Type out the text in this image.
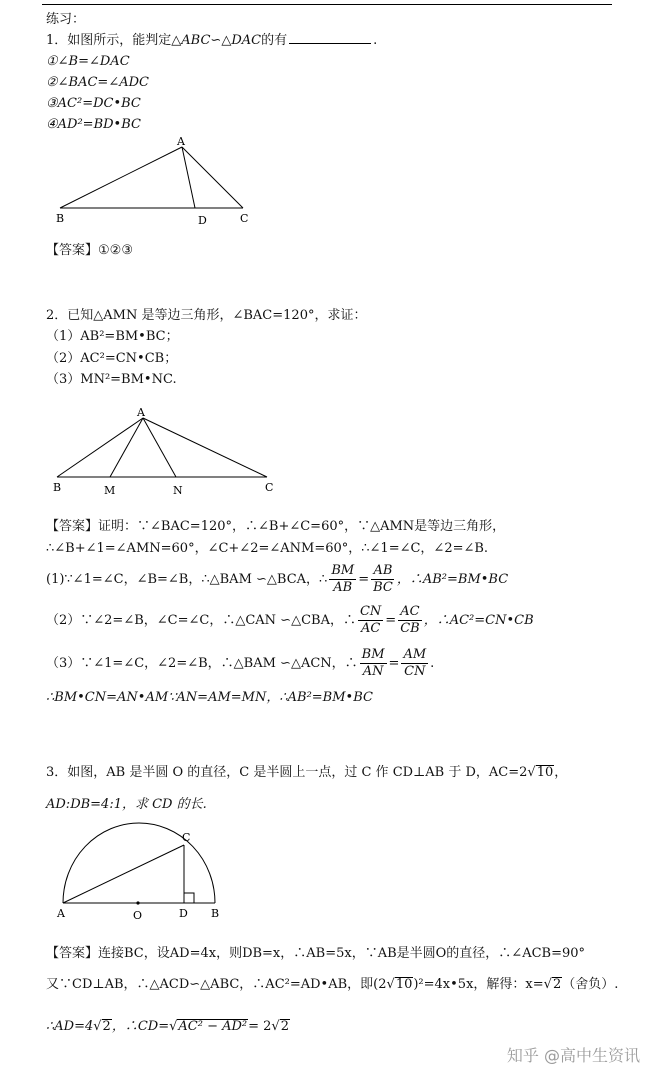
练习：
1．如图所示，能判定△ABC∽△DAC的有	.
①∠B=∠DAC
②∠BAC=∠ADC
③AC²=DC•BC
④AD²=BD•BC
A
B	D	C
【答案】①②③
2．已知△AMN 是等边三角形，∠BAC=120°，求证：
（1）AB²=BM•BC；
（2）AC²=CN•CB；
（3）MN²=BM•NC.
A
B	M	N	C
【答案】证明：∵∠BAC=120°，∴∠B+∠C=60°，∵△AMN是等边三角形，
∴∠B+∠1=∠AMN=60°，∠C+∠2=∠ANM=60°，∴∠1=∠C，∠2=∠B.
(1)∵∠1=∠C，∠B=∠B，∴△BAM ∽△BCA，∴ $\frac{BM}{AB} = \frac{AB}{BC}$ ，∴AB²=BM•BC
（2）∵∠2=∠B，∠C=∠C，∴△CAN ∽△CBA，∴ $\frac{CN}{AC} = \frac{AC}{CB}$ ，∴AC²=CN•CB
（3）∵∠1=∠C，∠2=∠B，∴△BAM ∽△ACN，∴ $\frac{BM}{AN} = \frac{AM}{CN}$ .
∴BM•CN=AN•AM∵AN=AM=MN，∴AB²=BM•BC
3．如图，AB 是半圆 O 的直径，C 是半圆上一点，过 C 作 CD⊥AB 于 D，AC=2√10，
AD:DB=4:1，求 CD 的长.
C
A	O	D B
【答案】连接BC，设AD=4x，则DB=x，∴AB=5x，∵AB是半圆O的直径，∴∠ACB=90°
又∵CD⊥AB，∴△ACD∽△ABC，∴AC²=AD•AB，即(2√10)²=4x•5x，解得：x=√2（舍负）.
∴AD=4√2，∴CD=√AC² − AD²= 2√2
知乎 @高中生资讯
